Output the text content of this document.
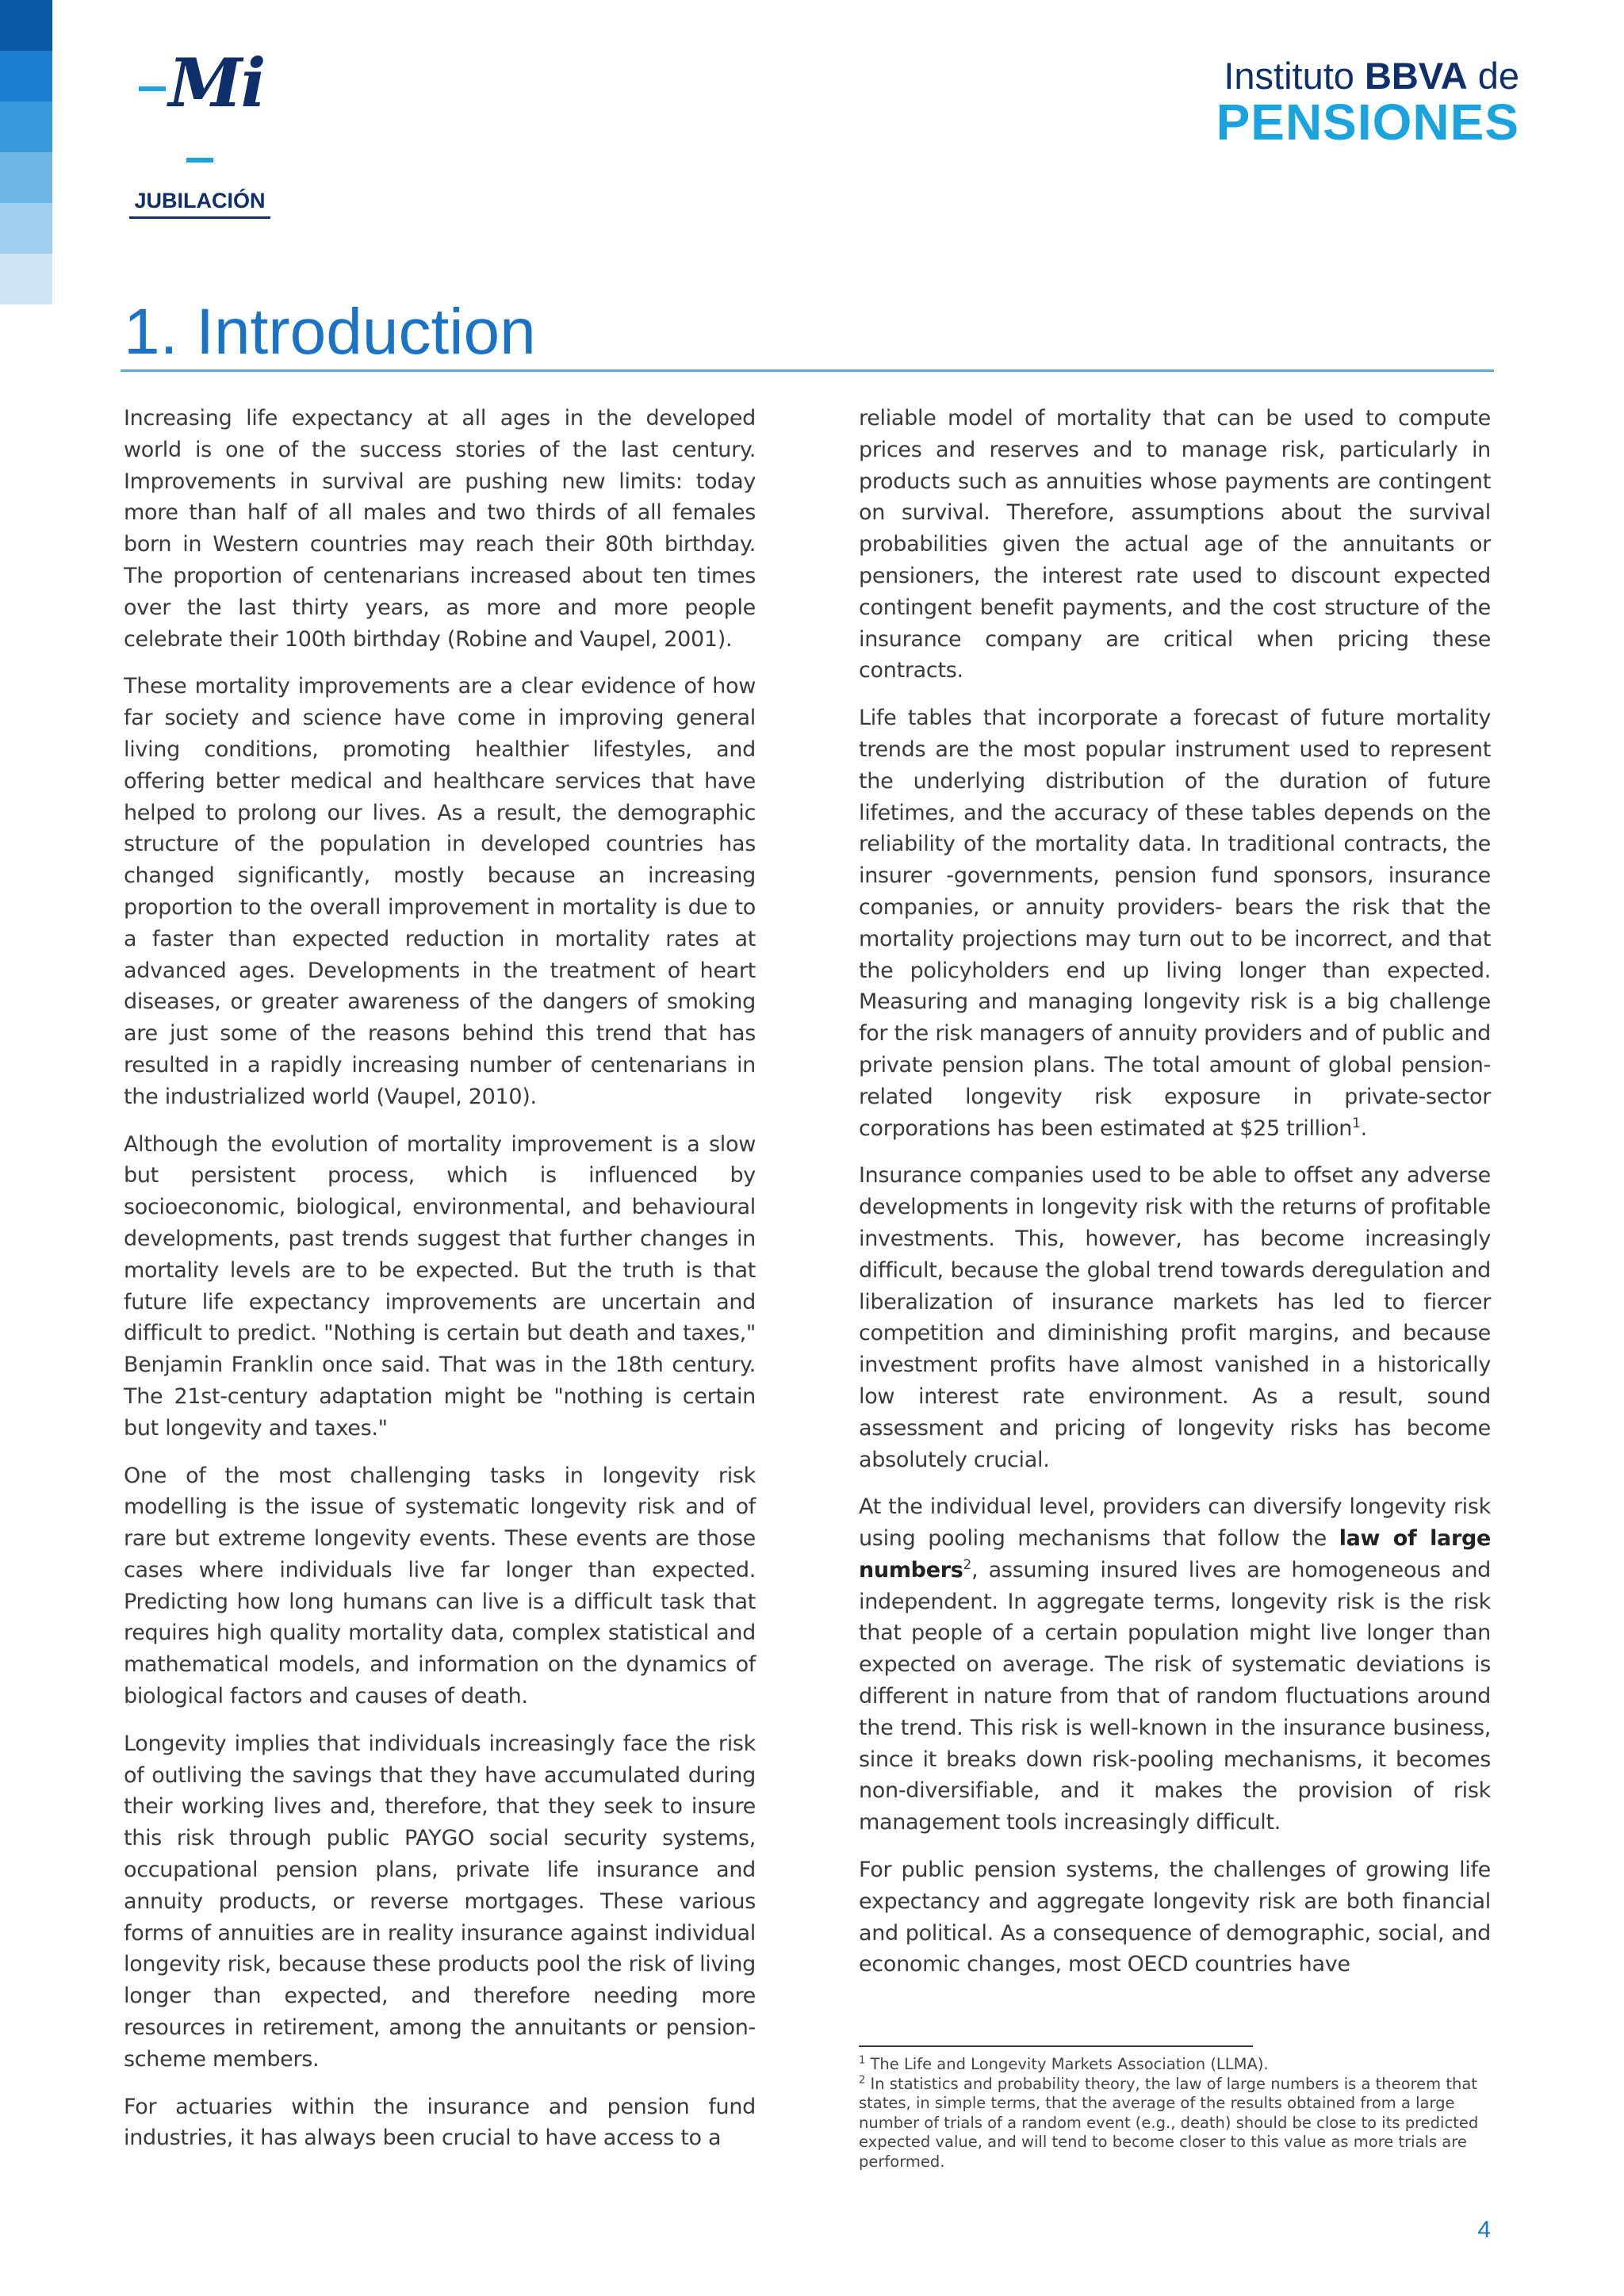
Mi
JUBILACIÓN
Instituto BBVA de
PENSIONES
1. Introduction

Increasing life expectancy at all ages in the developed world is one of the success stories of the last century. Improvements in survival are pushing new limits: today more than half of all males and two thirds of all females born in Western countries may reach their 80th birthday. The proportion of centenarians increased about ten times over the last thirty years, as more and more people celebrate their 100th birthday (Robine and Vaupel, 2001).

These mortality improvements are a clear evidence of how far society and science have come in improving general living conditions, promoting healthier lifestyles, and offering better medical and healthcare services that have helped to prolong our lives. As a result, the demographic structure of the population in developed countries has changed significantly, mostly because an increasing proportion to the overall improvement in mortality is due to a faster than expected reduction in mortality rates at advanced ages. Developments in the treatment of heart diseases, or greater awareness of the dangers of smoking are just some of the reasons behind this trend that has resulted in a rapidly increasing number of centenarians in the industrialized world (Vaupel, 2010).

Although the evolution of mortality improvement is a slow but persistent process, which is influenced by socioeconomic, biological, environmental, and behavioural developments, past trends suggest that further changes in mortality levels are to be expected. But the truth is that future life expectancy improvements are uncertain and difficult to predict. "Nothing is certain but death and taxes," Benjamin Franklin once said. That was in the 18th century. The 21st-century adaptation might be "nothing is certain but longevity and taxes."

One of the most challenging tasks in longevity risk modelling is the issue of systematic longevity risk and of rare but extreme longevity events. These events are those cases where individuals live far longer than expected. Predicting how long humans can live is a difficult task that requires high quality mortality data, complex statistical and mathematical models, and information on the dynamics of biological factors and causes of death.

Longevity implies that individuals increasingly face the risk of outliving the savings that they have accumulated during their working lives and, therefore, that they seek to insure this risk through public PAYGO social security systems, occupational pension plans, private life insurance and annuity products, or reverse mortgages. These various forms of annuities are in reality insurance against individual longevity risk, because these products pool the risk of living longer than expected, and therefore needing more resources in retirement, among the annuitants or pension-scheme members.

For actuaries within the insurance and pension fund industries, it has always been crucial to have access to a

reliable model of mortality that can be used to compute prices and reserves and to manage risk, particularly in products such as annuities whose payments are contingent on survival. Therefore, assumptions about the survival probabilities given the actual age of the annuitants or pensioners, the interest rate used to discount expected contingent benefit payments, and the cost structure of the insurance company are critical when pricing these contracts.

Life tables that incorporate a forecast of future mortality trends are the most popular instrument used to represent the underlying distribution of the duration of future lifetimes, and the accuracy of these tables depends on the reliability of the mortality data. In traditional contracts, the insurer -governments, pension fund sponsors, insurance companies, or annuity providers- bears the risk that the mortality projections may turn out to be incorrect, and that the policyholders end up living longer than expected. Measuring and managing longevity risk is a big challenge for the risk managers of annuity providers and of public and private pension plans. The total amount of global pension-related longevity risk exposure in private-sector corporations has been estimated at $25 trillion$^1$.

Insurance companies used to be able to offset any adverse developments in longevity risk with the returns of profitable investments. This, however, has become increasingly difficult, because the global trend towards deregulation and liberalization of insurance markets has led to fiercer competition and diminishing profit margins, and because investment profits have almost vanished in a historically low interest rate environment. As a result, sound assessment and pricing of longevity risks has become absolutely crucial.

At the individual level, providers can diversify longevity risk using pooling mechanisms that follow the law of large numbers$^2$, assuming insured lives are homogeneous and independent. In aggregate terms, longevity risk is the risk that people of a certain population might live longer than expected on average. The risk of systematic deviations is different in nature from that of random fluctuations around the trend. This risk is well-known in the insurance business, since it breaks down risk-pooling mechanisms, it becomes non-diversifiable, and it makes the provision of risk management tools increasingly difficult.

For public pension systems, the challenges of growing life expectancy and aggregate longevity risk are both financial and political. As a consequence of demographic, social, and economic changes, most OECD countries have

$^1$ The Life and Longevity Markets Association (LLMA).

$^2$ In statistics and probability theory, the law of large numbers is a theorem that states, in simple terms, that the average of the results obtained from a large number of trials of a random event (e.g., death) should be close to its predicted expected value, and will tend to become closer to this value as more trials are performed.

4
